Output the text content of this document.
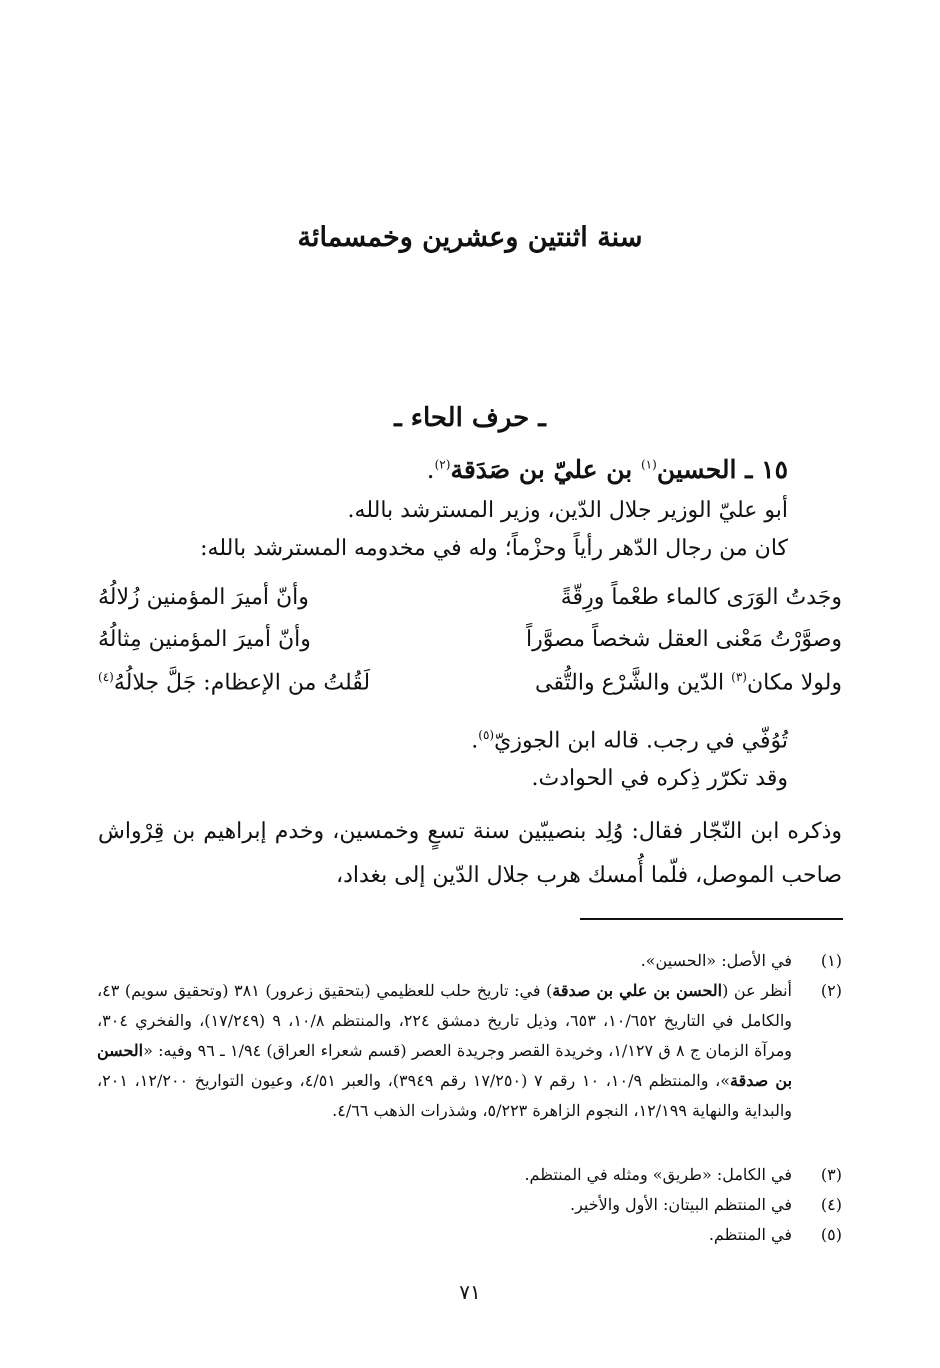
سنة اثنتين وعشرين وخمسمائة
ـ حرف الحاء ـ
١٥ ـ الحسين$^{(١)}$ بن عليّ بن صَدَقة$^{(٢)}$.
أبو عليّ الوزير جلال الدّين، وزير المسترشد بالله.
كان من رجال الدّهر رأياً وحزْماً؛ وله في مخدومه المسترشد بالله:
وجَدتُ الوَرَى كالماء طعْماً ورِقّةً
وأنّ أميرَ المؤمنين زُلالُهُ
وصوَّرْتُ مَعْنى العقل شخصاً مصوَّراً
وأنّ أميرَ المؤمنين مِثالُهُ
ولولا مكان$^{(٣)}$ الدّين والشَّرْع والتُّقى
لَقُلتُ من الإعظام: جَلَّ جلالُهُ$^{(٤)}$
تُوُفّي في رجب. قاله ابن الجوزيّ$^{(٥)}$.
وقد تكرّر ذِكره في الحوادث.
وذكره ابن النّجّار فقال: وُلِد بنصيبّين سنة تسعٍ وخمسين، وخدم إبراهيم بن قِرْواش صاحب الموصل، فلّما أُمسك هرب جلال الدّين إلى بغداد،
(١)
في الأصل: «الحسين».
(٢)
أنظر عن (الحسن بن علي بن صدقة) في: تاريخ حلب للعظيمي (بتحقيق زعرور) ٣٨١ (وتحقيق سويم) ٤٣، والكامل في التاريخ ١٠/٦٥٢، ٦٥٣، وذيل تاريخ دمشق ٢٢٤، والمنتظم ١٠/٨، ٩ (١٧/٢٤٩)، والفخري ٣٠٤، ومرآة الزمان ج ٨ ق ١/١٢٧، وخريدة القصر وجريدة العصر (قسم شعراء العراق) ١/٩٤ ـ ٩٦ وفيه: «الحسن بن صدقة»، والمنتظم ١٠/٩، ١٠ رقم ٧ (١٧/٢٥٠ رقم ٣٩٤٩)، والعبر ٤/٥١، وعيون التواريخ ١٢/٢٠٠، ٢٠١، والبداية والنهاية ١٢/١٩٩، النجوم الزاهرة ٥/٢٢٣، وشذرات الذهب ٤/٦٦.
(٣)
في الكامل: «طريق» ومثله في المنتظم.
(٤)
في المنتظم البيتان: الأول والأخير.
(٥)
في المنتظم.
٧١
